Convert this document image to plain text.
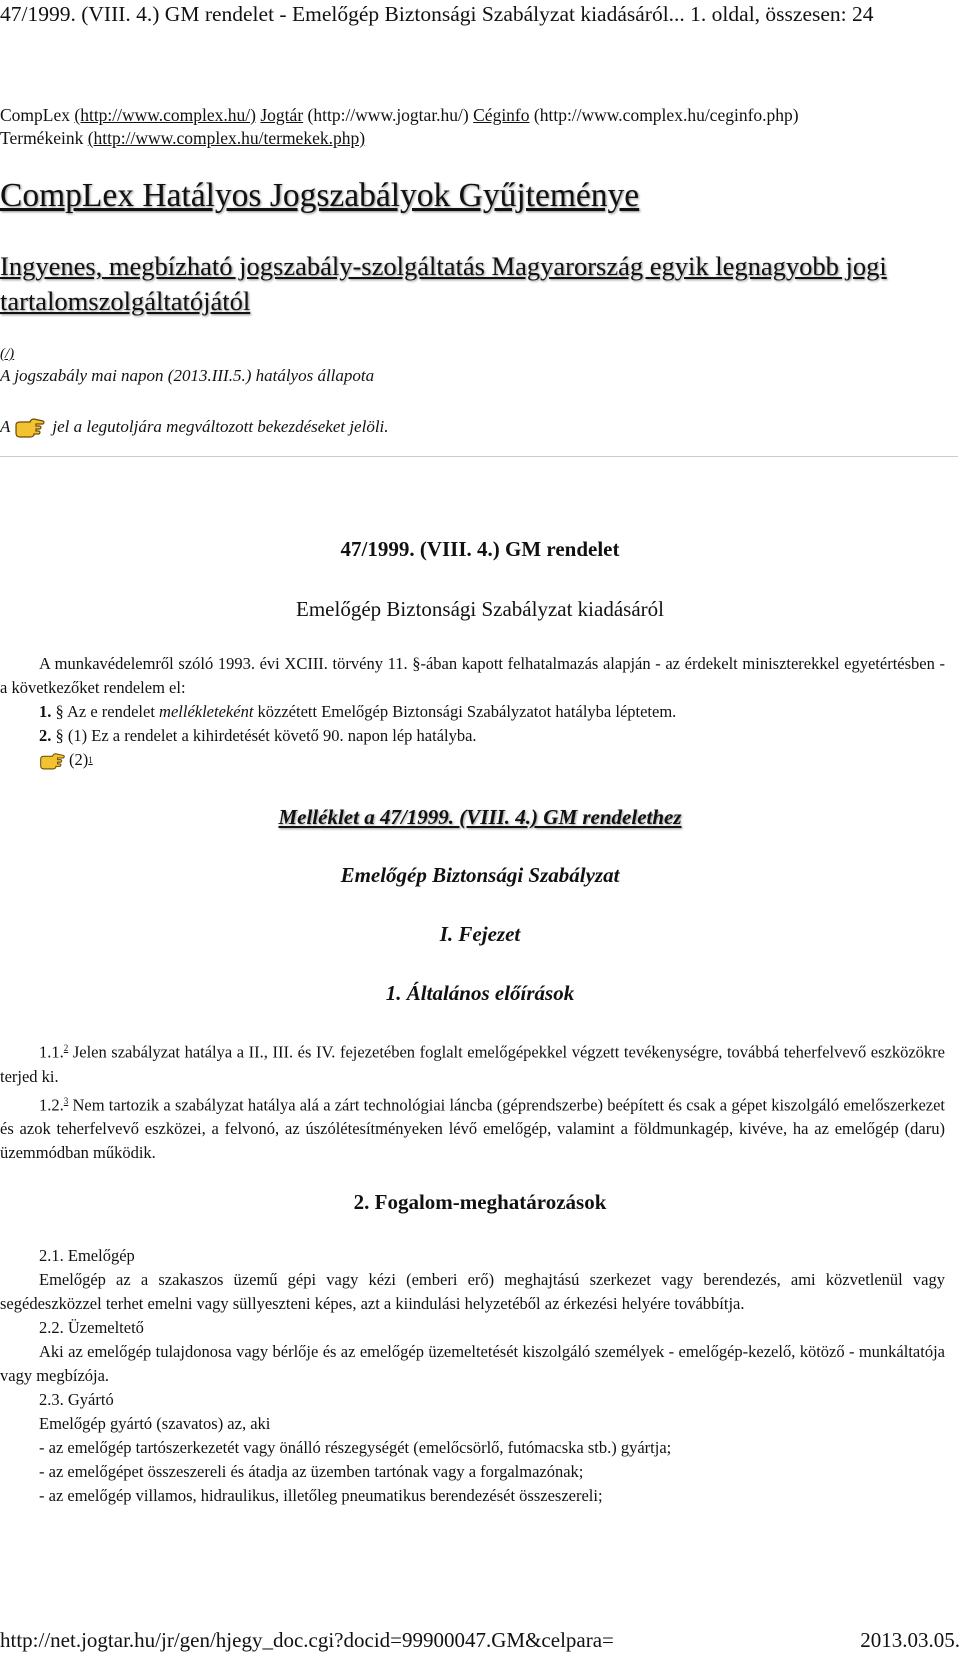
47/1999. (VIII. 4.) GM rendelet - Emelőgép Biztonsági Szabályzat kiadásáról... 1. oldal, összesen: 24
CompLex (http://www.complex.hu/) Jogtár (http://www.jogtar.hu/) Céginfo (http://www.complex.hu/ceginfo.php)
Termékeink (http://www.complex.hu/termekek.php)
CompLex Hatályos Jogszabályok Gyűjteménye
Ingyenes, megbízható jogszabály-szolgáltatás Magyarország egyik legnagyobb jogi tartalomszolgáltatójától
(/)
A jogszabály mai napon (2013.III.5.) hatályos állapota
A jel a legutoljára megváltozott bekezdéseket jelöli.
47/1999. (VIII. 4.) GM rendelet
Emelőgép Biztonsági Szabályzat kiadásáról
A munkavédelemről szóló 1993. évi XCIII. törvény 11. §-ában kapott felhatalmazás alapján - az érdekelt miniszterekkel egyetértésben - a következőket rendelem el:
1. § Az e rendelet mellékleteként közzétett Emelőgép Biztonsági Szabályzatot hatályba léptetem.
2. § (1) Ez a rendelet a kihirdetését követő 90. napon lép hatályba.
(2) 1
Melléklet a 47/1999. (VIII. 4.) GM rendelethez
Emelőgép Biztonsági Szabályzat
I. Fejezet
1. Általános előírások
1.1.$^2$ Jelen szabályzat hatálya a II., III. és IV. fejezetében foglalt emelőgépekkel végzett tevékenységre, továbbá teherfelvevő eszközökre terjed ki.
1.2.$^3$ Nem tartozik a szabályzat hatálya alá a zárt technológiai láncba (géprendszerbe) beépített és csak a gépet kiszolgáló emelőszerkezet és azok teherfelvevő eszközei, a felvonó, az úszólétesítményeken lévő emelőgép, valamint a földmunkagép, kivéve, ha az emelőgép (daru) üzemmódban működik.
2. Fogalom-meghatározások
2.1. Emelőgép
Emelőgép az a szakaszos üzemű gépi vagy kézi (emberi erő) meghajtású szerkezet vagy berendezés, ami közvetlenül vagy segédeszközzel terhet emelni vagy süllyeszteni képes, azt a kiindulási helyzetéből az érkezési helyére továbbítja.
2.2. Üzemeltető
Aki az emelőgép tulajdonosa vagy bérlője és az emelőgép üzemeltetését kiszolgáló személyek - emelőgép-kezelő, kötöző - munkáltatója vagy megbízója.
2.3. Gyártó
Emelőgép gyártó (szavatos) az, aki
- az emelőgép tartószerkezetét vagy önálló részegységét (emelőcsörlő, futómacska stb.) gyártja;
- az emelőgépet összeszereli és átadja az üzemben tartónak vagy a forgalmazónak;
- az emelőgép villamos, hidraulikus, illetőleg pneumatikus berendezését összeszereli;
http://net.jogtar.hu/jr/gen/hjegy_doc.cgi?docid=99900047.GM&celpara=	2013.03.05.
